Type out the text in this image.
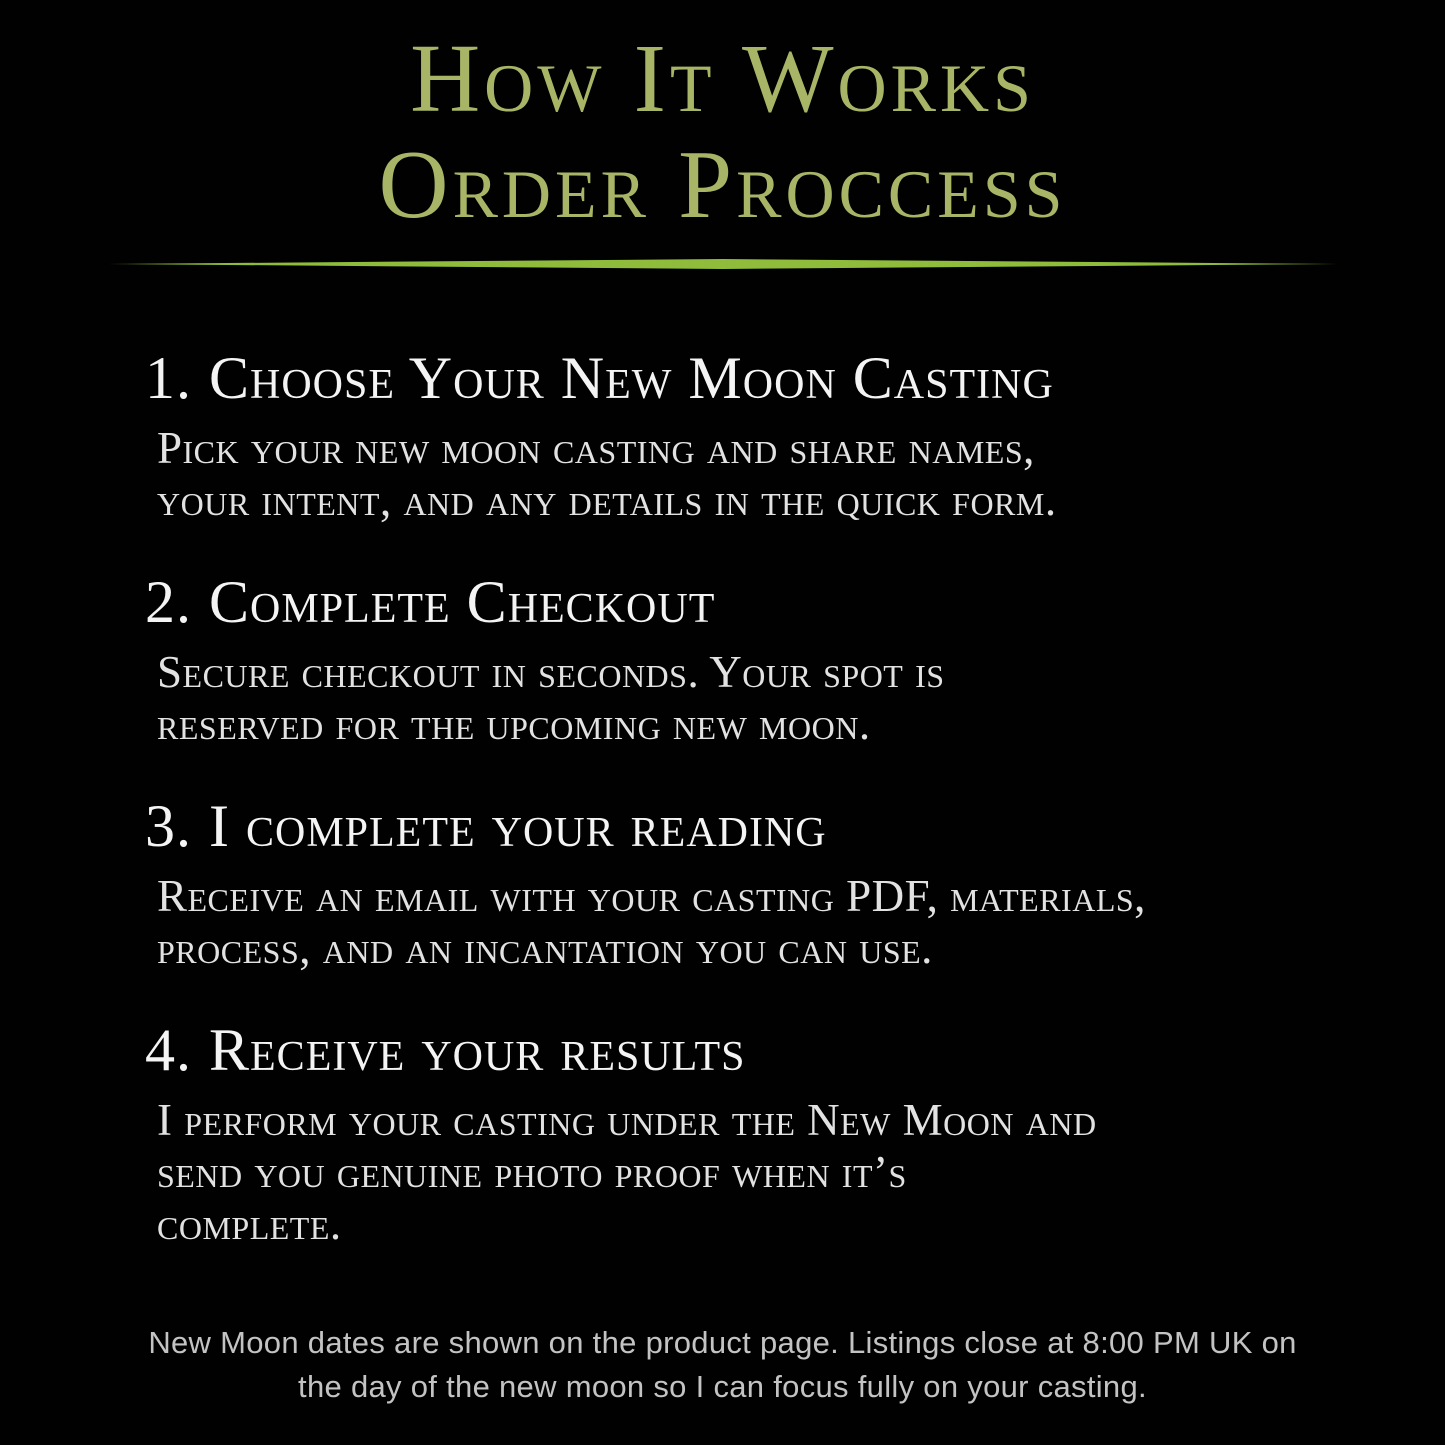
How It Works
Order Proccess
1. Choose Your New Moon Casting
Pick your new moon casting and share names,
your intent, and any details in the quick form.
2. Complete Checkout
Secure checkout in seconds. Your spot is
reserved for the upcoming new moon.
3. I complete your reading
Receive an email with your casting PDF, materials,
process, and an incantation you can use.
4. Receive your results
I perform your casting under the New Moon and
send you genuine photo proof when it’s
complete.
New Moon dates are shown on the product page. Listings close at 8:00 PM UK on
the day of the new moon so I can focus fully on your casting.
